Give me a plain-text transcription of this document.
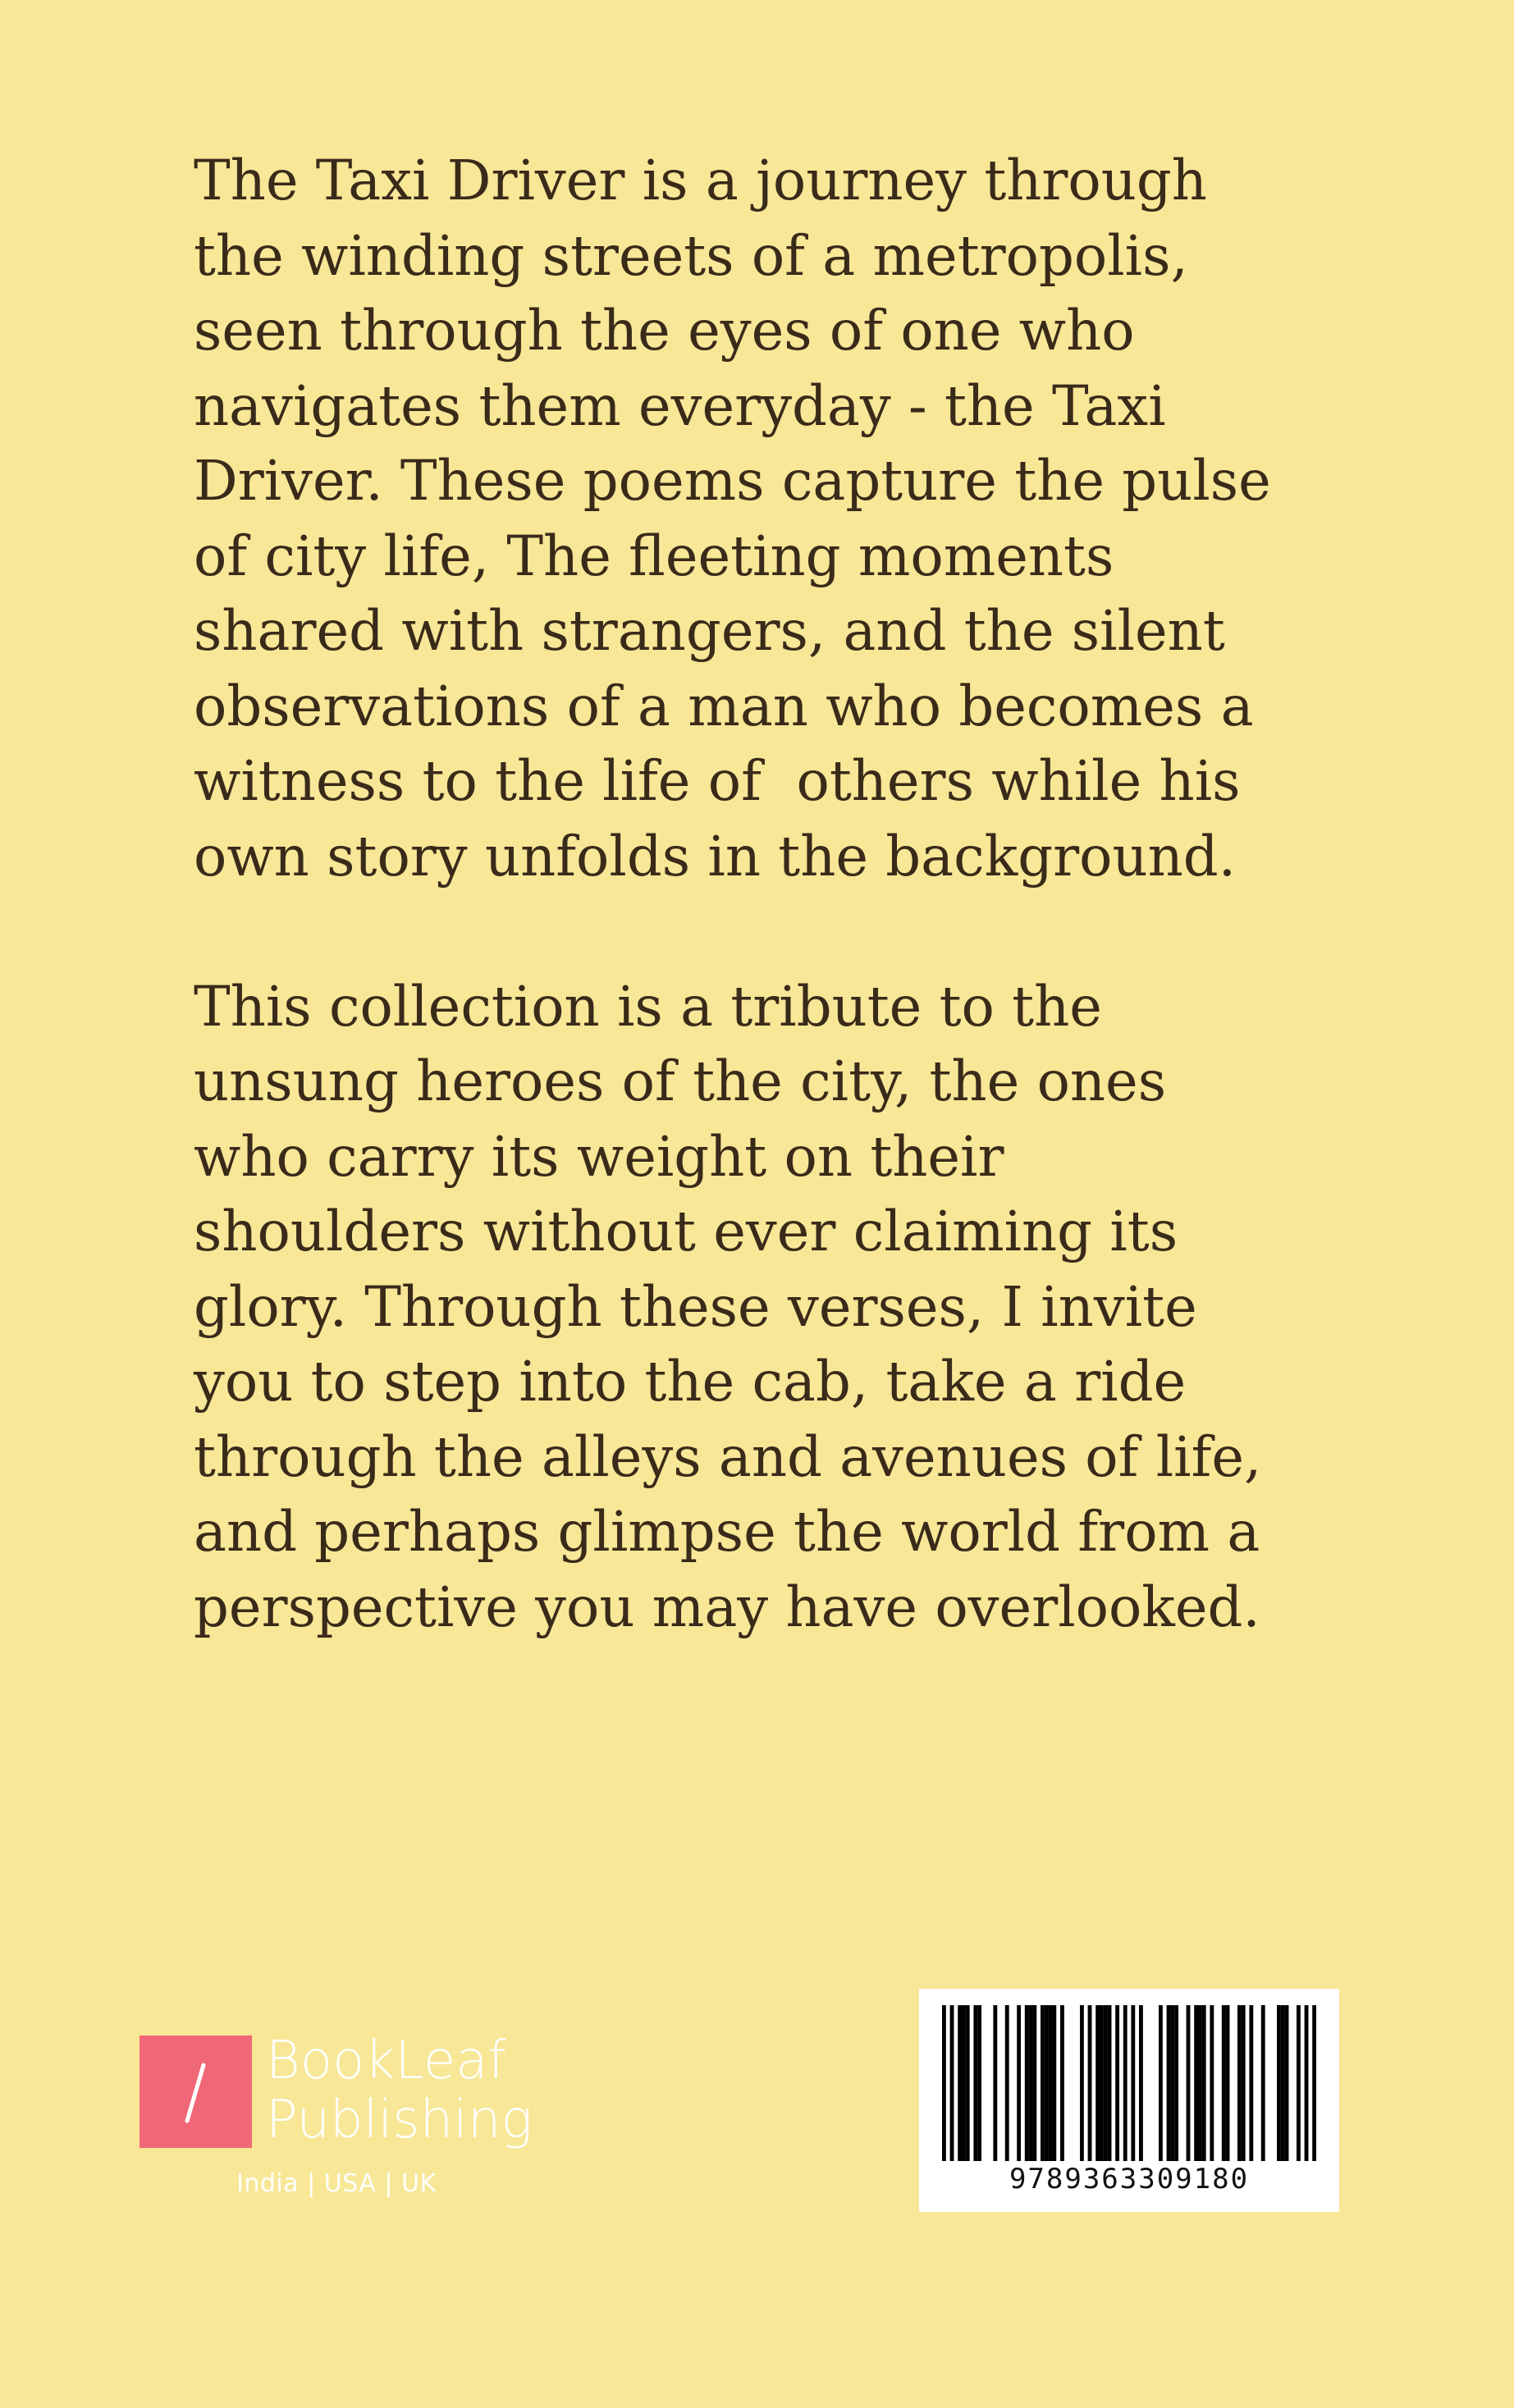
The Taxi Driver is a journey through
the winding streets of a metropolis,
seen through the eyes of one who
navigates them everyday - the Taxi
Driver. These poems capture the pulse
of city life, The fleeting moments
shared with strangers, and the silent
observations of a man who becomes a
witness to the life of  others while his
own story unfolds in the background.
This collection is a tribute to the
unsung heroes of the city, the ones
who carry its weight on their
shoulders without ever claiming its
glory. Through these verses, I invite
you to step into the cab, take a ride
through the alleys and avenues of life,
and perhaps glimpse the world from a
perspective you may have overlooked.
BookLeaf
Publishing
India | USA | UK	9789363309180
